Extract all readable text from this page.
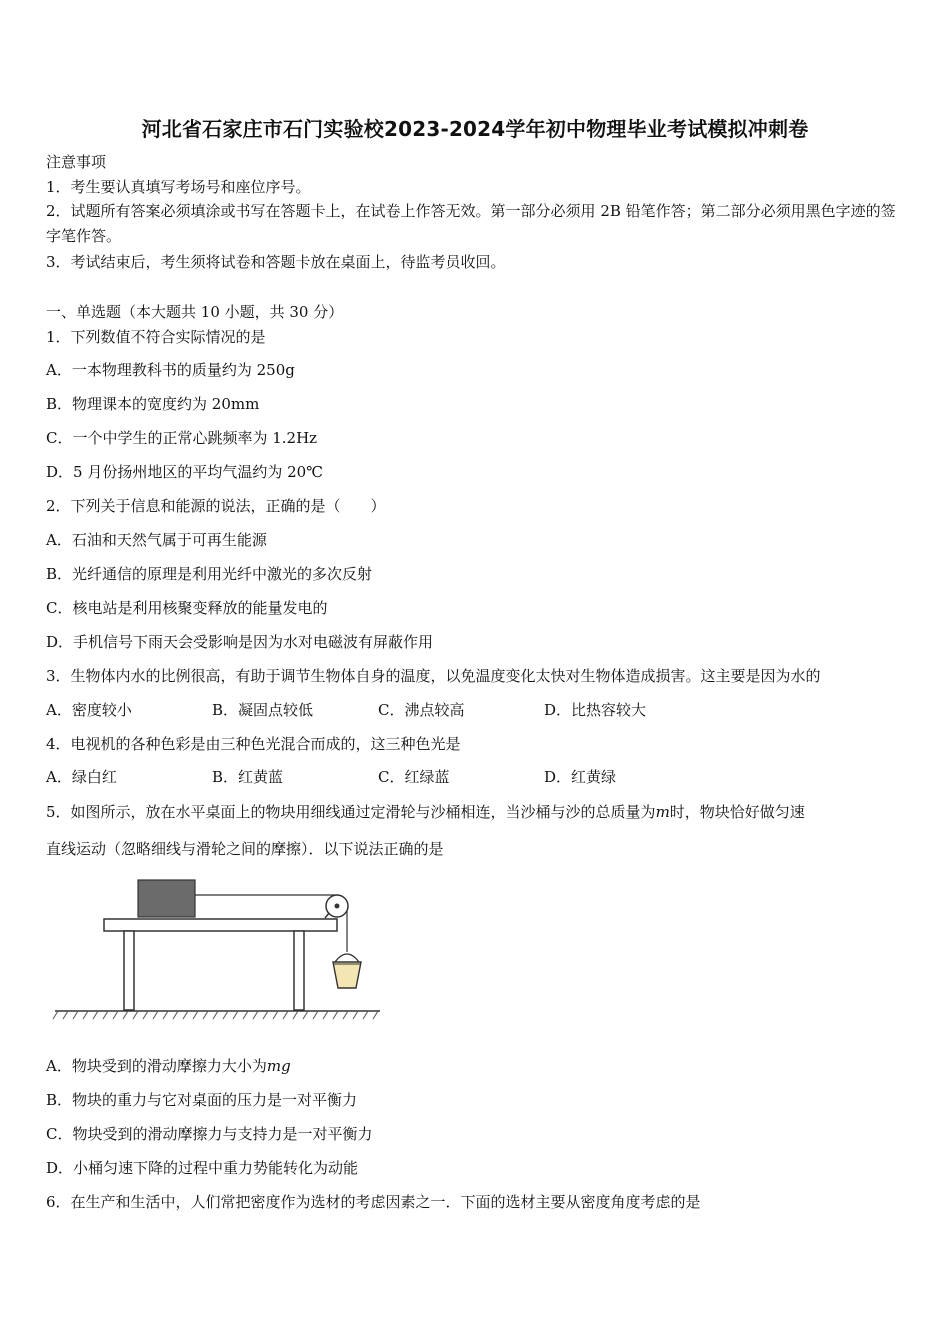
河北省石家庄市石门实验校2023-2024学年初中物理毕业考试模拟冲刺卷
注意事项
1．考生要认真填写考场号和座位序号。
2．试题所有答案必须填涂或书写在答题卡上，在试卷上作答无效。第一部分必须用 2B 铅笔作答；第二部分必须用黑色字迹的签字笔作答。
3．考试结束后，考生须将试卷和答题卡放在桌面上，待监考员收回。
一、单选题（本大题共 10 小题，共 30 分）
1．下列数值不符合实际情况的是
A．一本物理教科书的质量约为 250g
B．物理课本的宽度约为 20mm
C．一个中学生的正常心跳频率为 1.2Hz
D．5 月份扬州地区的平均气温约为 20℃
2．下列关于信息和能源的说法，正确的是（　　）
A．石油和天然气属于可再生能源
B．光纤通信的原理是利用光纤中激光的多次反射
C．核电站是利用核聚变释放的能量发电的
D．手机信号下雨天会受影响是因为水对电磁波有屏蔽作用
3．生物体内水的比例很高，有助于调节生物体自身的温度，以免温度变化太快对生物体造成损害。这主要是因为水的
A．密度较小	B．凝固点较低	C．沸点较高	D．比热容较大
4．电视机的各种色彩是由三种色光混合而成的，这三种色光是
A．绿白红	B．红黄蓝	C．红绿蓝	D．红黄绿
5．如图所示，放在水平桌面上的物块用细线通过定滑轮与沙桶相连，当沙桶与沙的总质量为m时，物块恰好做匀速
直线运动（忽略细线与滑轮之间的摩擦）．以下说法正确的是
A．物块受到的滑动摩擦力大小为mg
B．物块的重力与它对桌面的压力是一对平衡力
C．物块受到的滑动摩擦力与支持力是一对平衡力
D．小桶匀速下降的过程中重力势能转化为动能
6．在生产和生活中，人们常把密度作为选材的考虑因素之一．下面的选材主要从密度角度考虑的是
